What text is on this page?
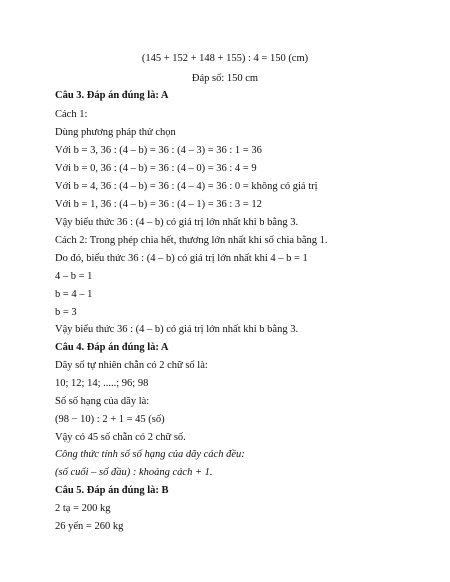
(145 + 152 + 148 + 155) : 4 = 150 (cm)
Đáp số: 150 cm
Câu 3. Đáp án đúng là: A
Cách 1:
Dùng phương pháp thử chọn
Với b = 3, 36 : (4 – b) = 36 : (4 – 3) = 36 : 1 = 36
Với b = 0, 36 : (4 – b) = 36 : (4 – 0) = 36 : 4 = 9
Với b = 4, 36 : (4 – b) = 36 : (4 – 4) = 36 : 0 = không có giá trị
Với b = 1, 36 : (4 – b) = 36 : (4 – 1) = 36 : 3 = 12
Vậy biểu thức 36 : (4 – b) có giá trị lớn nhất khi b bằng 3.
Cách 2: Trong phép chia hết, thương lớn nhất khi số chia bằng 1.
Do đó, biểu thức 36 : (4 – b) có giá trị lớn nhất khi 4 – b = 1
4 – b = 1
b = 4 – 1
b = 3
Vậy biểu thức 36 : (4 – b) có giá trị lớn nhất khi b bằng 3.
Câu 4. Đáp án đúng là: A
Dãy số tự nhiên chẵn có 2 chữ số là:
10; 12; 14; .....; 96; 98
Số số hạng của dãy là:
(98 − 10) : 2 + 1 = 45 (số)
Vậy có 45 số chẵn có 2 chữ số.
Công thức tính số số hạng của dãy cách đều:
(số cuối – số đầu) : khoảng cách + 1.
Câu 5. Đáp án đúng là: B
2 tạ = 200 kg
26 yến = 260 kg
